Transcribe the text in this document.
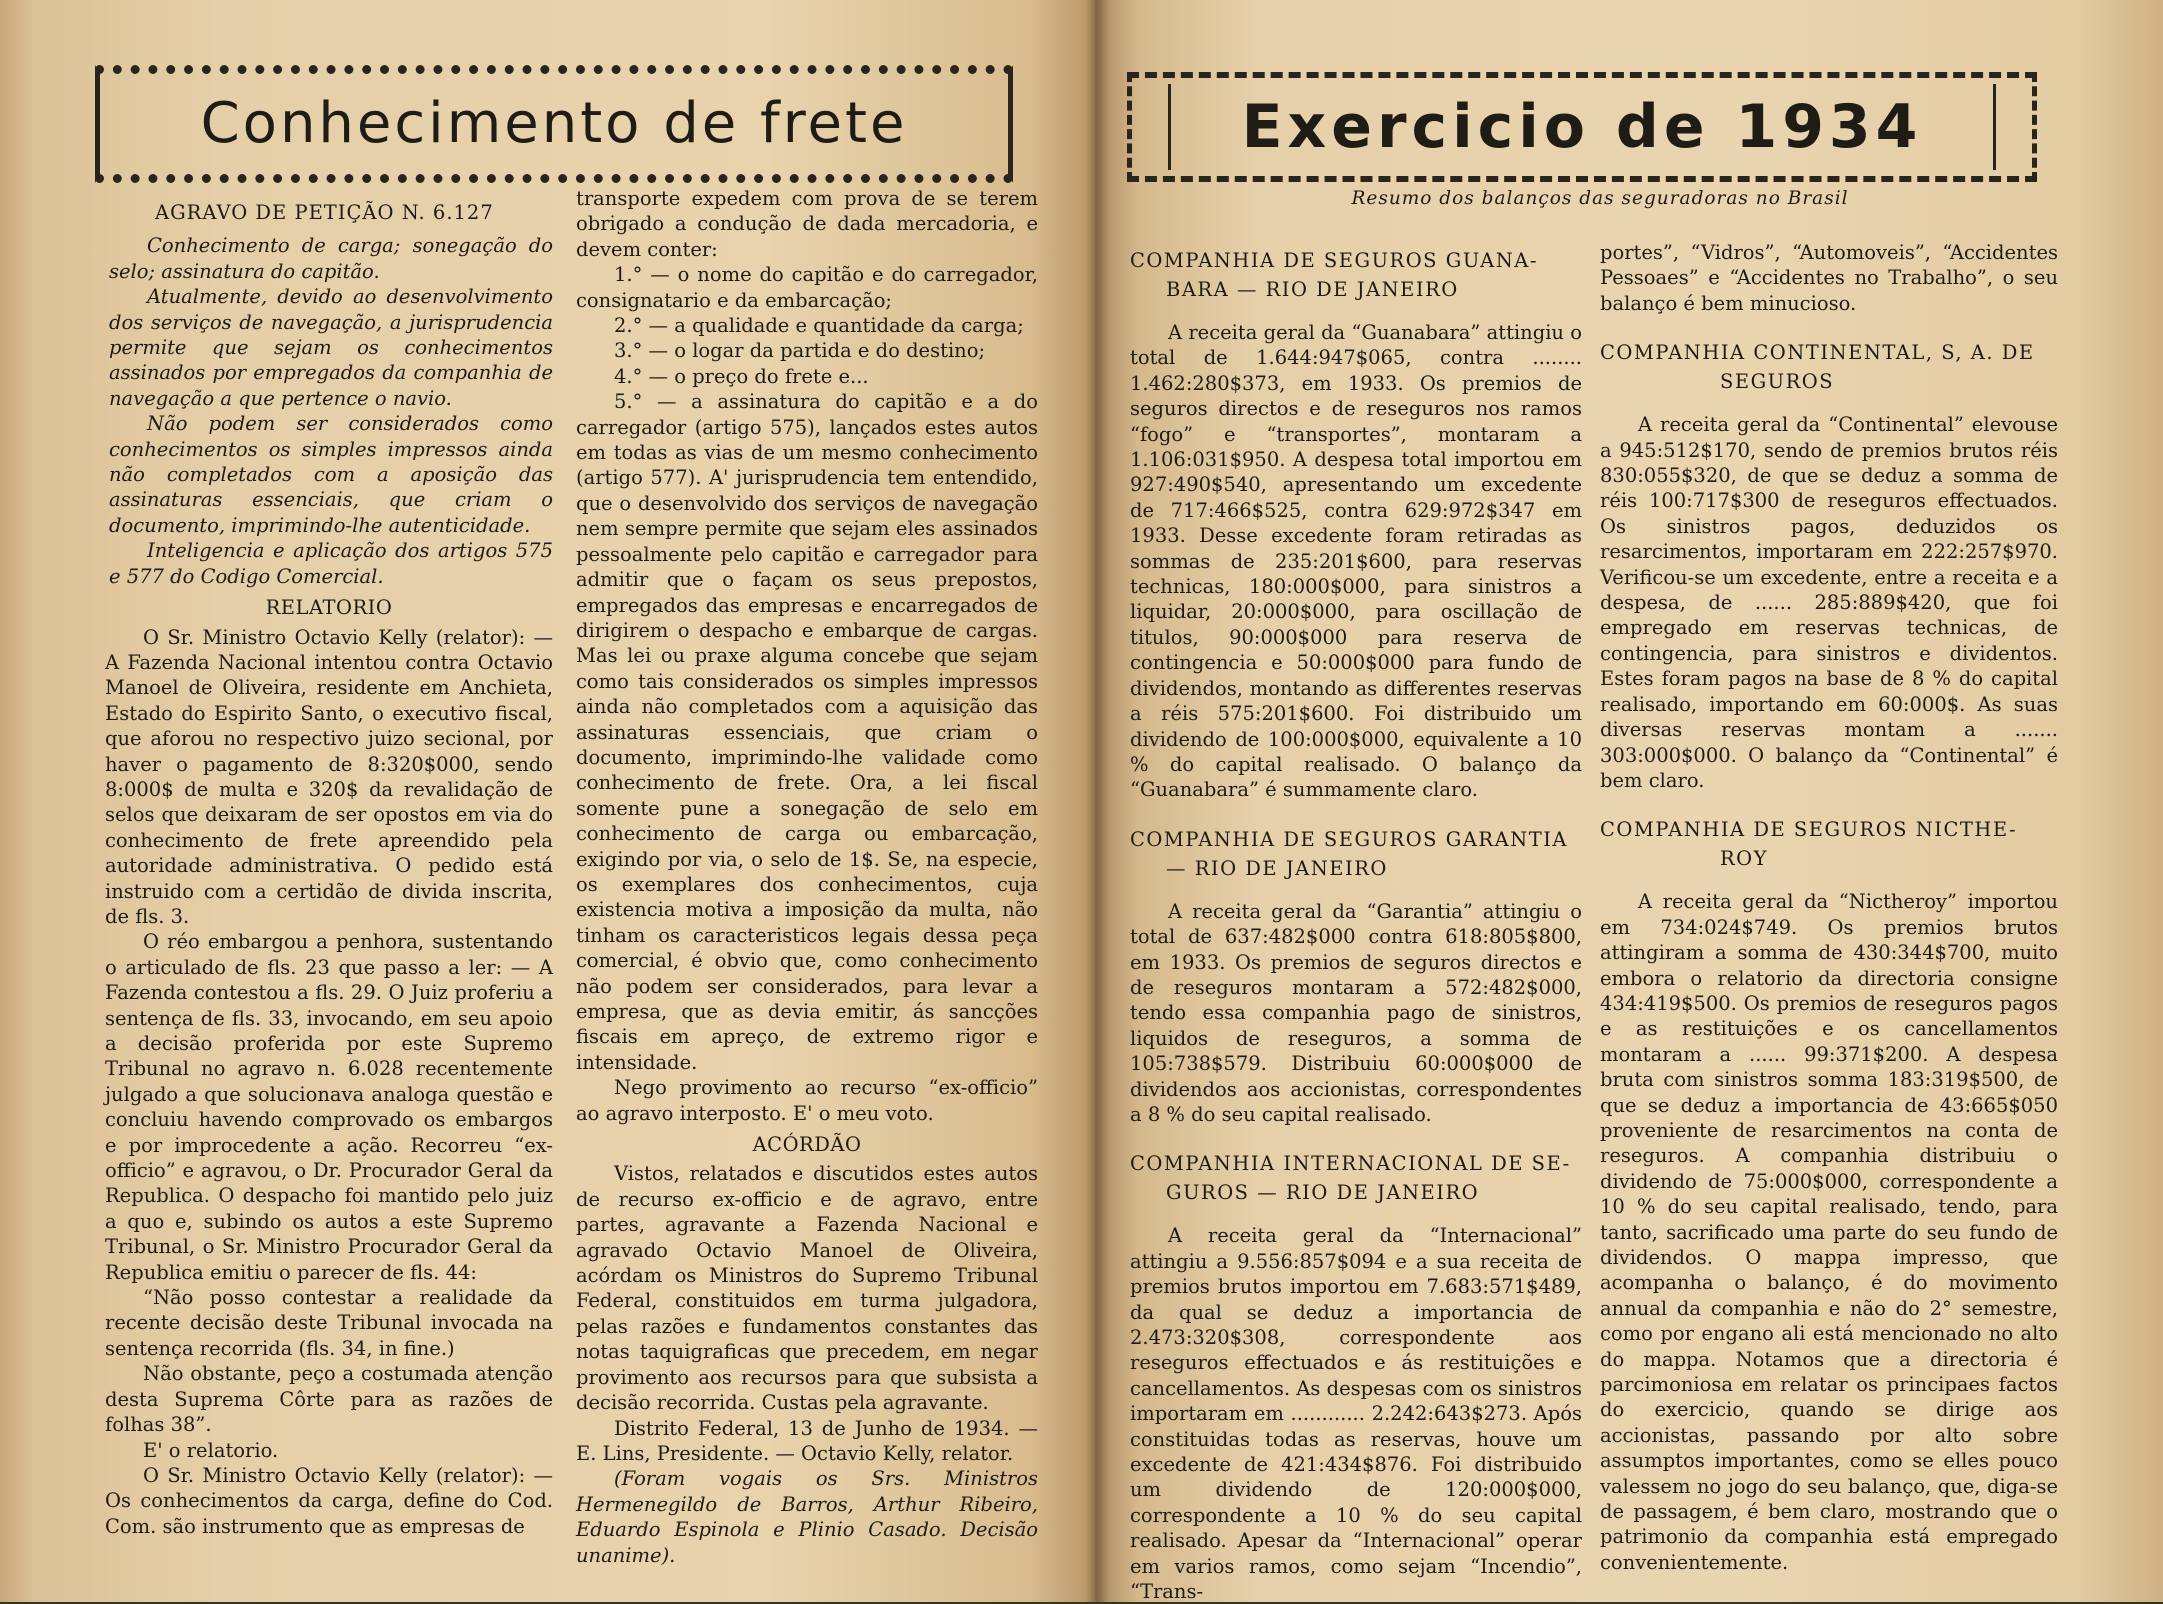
Conhecimento de frete

AGRAVO DE PETIÇÃO N. 6.127

Conhecimento de carga; sonegação do selo; assinatura do capitão.

Atualmente, devido ao desenvolvimento dos serviços de navegação, a jurisprudencia permite que sejam os conhecimentos assinados por empregados da companhia de navegação a que pertence o navio.

Não podem ser considerados como conhecimentos os simples impressos ainda não completados com a aposição das assinaturas essenciais, que criam o documento, imprimindo-lhe autenticidade.

Inteligencia e aplicação dos artigos 575 e 577 do Codigo Comercial.

RELATORIO

O Sr. Ministro Octavio Kelly (relator): — A Fazenda Nacional intentou contra Octavio Manoel de Oliveira, residente em Anchieta, Estado do Espirito Santo, o executivo fiscal, que aforou no respectivo juizo secional, por haver o pagamento de 8:320$000, sendo 8:000$ de multa e 320$ da revalidação de selos que deixaram de ser opostos em via do conhecimento de frete apreendido pela autoridade administrativa. O pedido está instruido com a certidão de divida inscrita, de fls. 3.

O réo embargou a penhora, sustentando o articulado de fls. 23 que passo a ler: — A Fazenda contestou a fls. 29. O Juiz proferiu a sentença de fls. 33, invocando, em seu apoio a decisão proferida por este Supremo Tribunal no agravo n. 6.028 recentemente julgado a que solucionava analoga questão e concluiu havendo comprovado os embargos e por improcedente a ação. Recorreu “ex-officio” e agravou, o Dr. Procurador Geral da Republica. O despacho foi mantido pelo juiz a quo e, subindo os autos a este Supremo Tribunal, o Sr. Ministro Procurador Geral da Republica emitiu o parecer de fls. 44:

“Não posso contestar a realidade da recente decisão deste Tribunal invocada na sentença recorrida (fls. 34, in fine.)

Não obstante, peço a costumada atenção desta Suprema Côrte para as razões de folhas 38”.

E' o relatorio.

O Sr. Ministro Octavio Kelly (relator): — Os conhecimentos da carga, define do Cod. Com. são instrumento que as empresas de

transporte expedem com prova de se terem obrigado a condução de dada mercadoria, e devem conter:

1.° — o nome do capitão e do carregador, consignatario e da embarcação;

2.° — a qualidade e quantidade da carga;

3.° — o logar da partida e do destino;

4.° — o preço do frete e...

5.° — a assinatura do capitão e a do carregador (artigo 575), lançados estes autos em todas as vias de um mesmo conhecimento (artigo 577). A' jurisprudencia tem entendido, que o desenvolvido dos serviços de navegação nem sempre permite que sejam eles assinados pessoalmente pelo capitão e carregador para admitir que o façam os seus prepostos, empregados das empresas e encarregados de dirigirem o despacho e embarque de cargas. Mas lei ou praxe alguma concebe que sejam como tais considerados os simples impressos ainda não completados com a aquisição das assinaturas essenciais, que criam o documento, imprimindo-lhe validade como conhecimento de frete. Ora, a lei fiscal somente pune a sonegação de selo em conhecimento de carga ou embarcação, exigindo por via, o selo de 1$. Se, na especie, os exemplares dos conhecimentos, cuja existencia motiva a imposição da multa, não tinham os caracteristicos legais dessa peça comercial, é obvio que, como conhecimento não podem ser considerados, para levar a empresa, que as devia emitir, ás sancções fiscais em apreço, de extremo rigor e intensidade.

Nego provimento ao recurso “ex-officio” ao agravo interposto. E' o meu voto.

ACÓRDÃO

Vistos, relatados e discutidos estes autos de recurso ex-officio e de agravo, entre partes, agravante a Fazenda Nacional e agravado Octavio Manoel de Oliveira, acórdam os Ministros do Supremo Tribunal Federal, constituidos em turma julgadora, pelas razões e fundamentos constantes das notas taquigraficas que precedem, em negar provimento aos recursos para que subsista a decisão recorrida. Custas pela agravante.

Distrito Federal, 13 de Junho de 1934. — E. Lins, Presidente. — Octavio Kelly, relator.

(Foram vogais os Srs. Ministros Hermenegildo de Barros, Arthur Ribeiro, Eduardo Espinola e Plinio Casado. Decisão unanime).

Exercicio de 1934
Resumo dos balanços das seguradoras no Brasil

COMPANHIA DE SEGUROS GUANA-
BARA — RIO DE JANEIRO

A receita geral da “Guanabara” attingiu o total de 1.644:947$065, contra ........ 1.462:280$373, em 1933. Os premios de seguros directos e de reseguros nos ramos “fogo” e “transportes”, montaram a 1.106:031$950. A despesa total importou em 927:490$540, apresentando um excedente de 717:466$525, contra 629:972$347 em 1933. Desse excedente foram retiradas as sommas de 235:201$600, para reservas technicas, 180:000$000, para sinistros a liquidar, 20:000$000, para oscillação de titulos, 90:000$000 para reserva de contingencia e 50:000$000 para fundo de dividendos, montando as differentes reservas a réis 575:201$600. Foi distribuido um dividendo de 100:000$000, equivalente a 10 % do capital realisado. O balanço da “Guanabara” é summamente claro.

COMPANHIA DE SEGUROS GARANTIA
— RIO DE JANEIRO

A receita geral da “Garantia” attingiu o total de 637:482$000 contra 618:805$800, em 1933. Os premios de seguros directos e de reseguros montaram a 572:482$000, tendo essa companhia pago de sinistros, liquidos de reseguros, a somma de 105:738$579. Distribuiu 60:000$000 de dividendos aos accionistas, correspondentes a 8 % do seu capital realisado.

COMPANHIA INTERNACIONAL DE SE-
GUROS — RIO DE JANEIRO

A receita geral da “Internacional” attingiu a 9.556:857$094 e a sua receita de premios brutos importou em 7.683:571$489, da qual se deduz a importancia de 2.473:320$308, correspondente aos reseguros effectuados e ás restituições e cancellamentos. As despesas com os sinistros importaram em ............ 2.242:643$273. Após constituidas todas as reservas, houve um excedente de 421:434$876. Foi distribuido um dividendo de 120:000$000, correspondente a 10 % do seu capital realisado. Apesar da “Internacional” operar em varios ramos, como sejam “Incendio”, “Trans-

portes”, “Vidros”, “Automoveis”, “Accidentes Pessoaes” e “Accidentes no Trabalho”, o seu balanço é bem minucioso.

COMPANHIA CONTINENTAL, S, A. DE
SEGUROS

A receita geral da “Continental” elevouse a 945:512$170, sendo de premios brutos réis 830:055$320, de que se deduz a somma de réis 100:717$300 de reseguros effectuados. Os sinistros pagos, deduzidos os resarcimentos, importaram em 222:257$970. Verificou-se um excedente, entre a receita e a despesa, de ...... 285:889$420, que foi empregado em reservas technicas, de contingencia, para sinistros e dividentos. Estes foram pagos na base de 8 % do capital realisado, importando em 60:000$. As suas diversas reservas montam a ....... 303:000$000. O balanço da “Continental” é bem claro.

COMPANHIA DE SEGUROS NICTHE-
ROY

A receita geral da “Nictheroy” importou em 734:024$749. Os premios brutos attingiram a somma de 430:344$700, muito embora o relatorio da directoria consigne 434:419$500. Os premios de reseguros pagos e as restituições e os cancellamentos montaram a ...... 99:371$200. A despesa bruta com sinistros somma 183:319$500, de que se deduz a importancia de 43:665$050 proveniente de resarcimentos na conta de reseguros. A companhia distribuiu o dividendo de 75:000$000, correspondente a 10 % do seu capital realisado, tendo, para tanto, sacrificado uma parte do seu fundo de dividendos. O mappa impresso, que acompanha o balanço, é do movimento annual da companhia e não do 2° semestre, como por engano ali está mencionado no alto do mappa. Notamos que a directoria é parcimoniosa em relatar os principaes factos do exercicio, quando se dirige aos accionistas, passando por alto sobre assumptos importantes, como se elles pouco valessem no jogo do seu balanço, que, diga-se de passagem, é bem claro, mostrando que o patrimonio da companhia está empregado convenientemente.
